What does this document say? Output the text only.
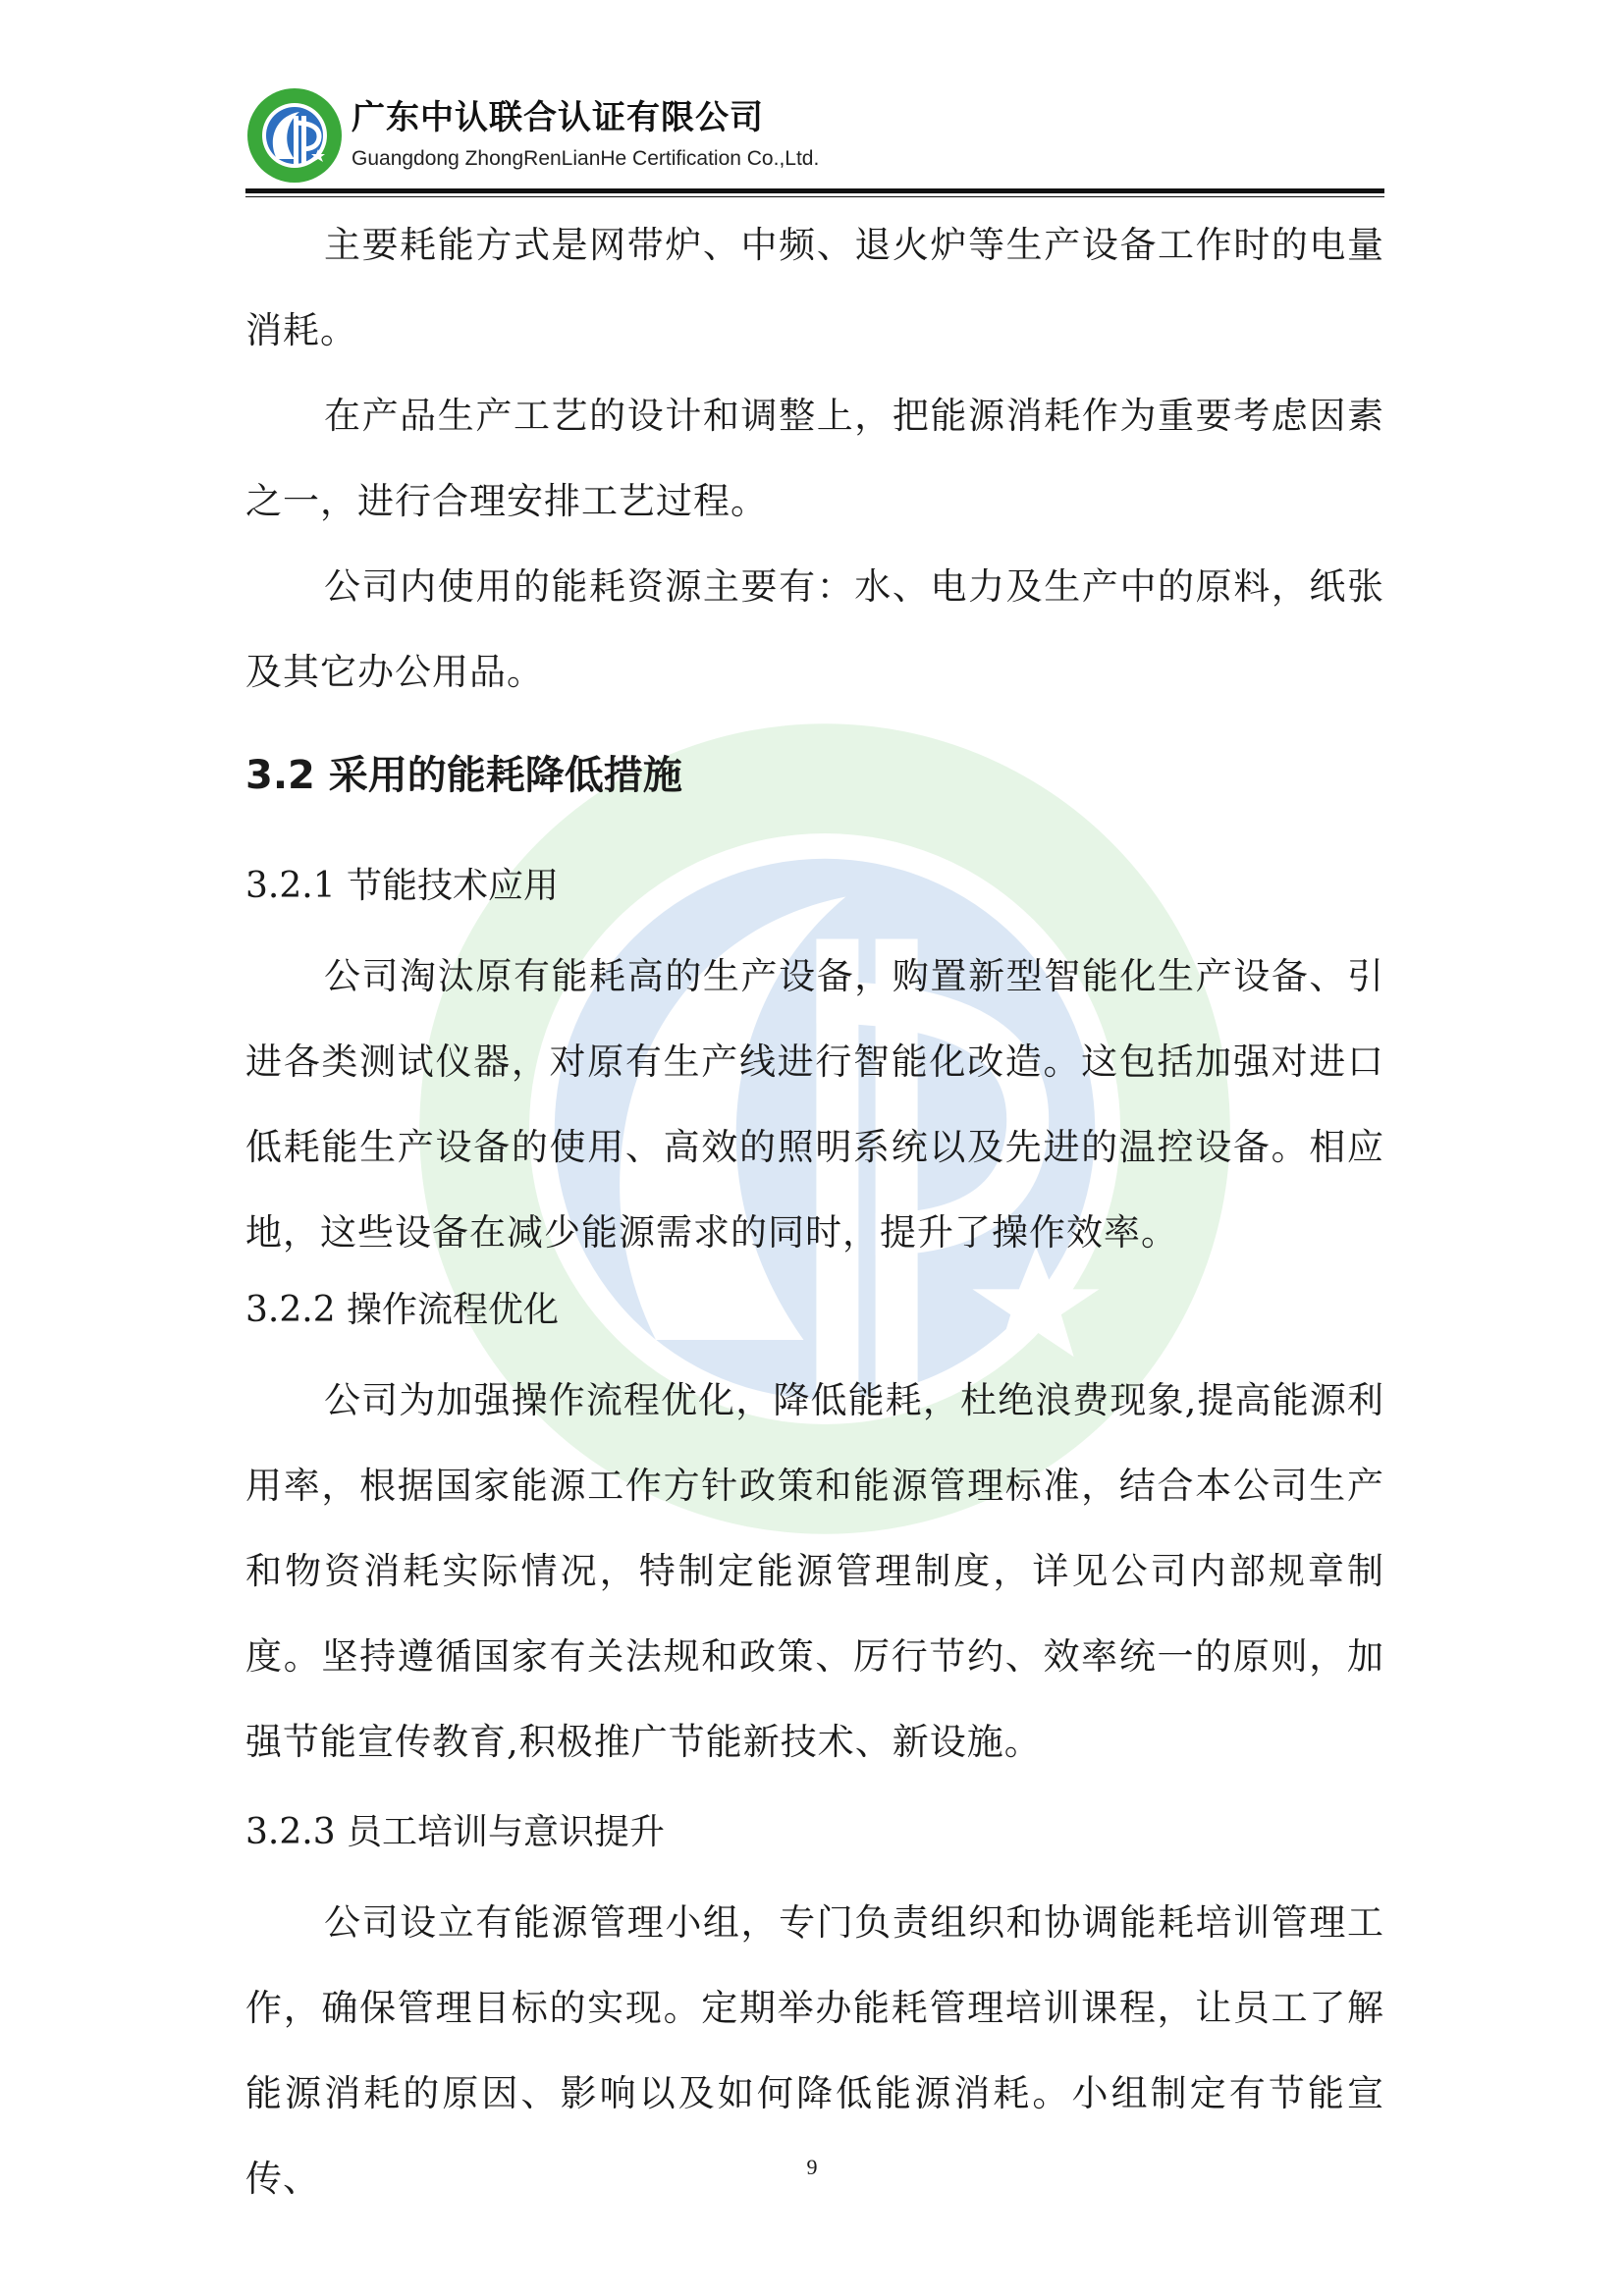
广东中认联合认证有限公司
Guangdong ZhongRenLianHe Certification Co.,Ltd.

主要耗能方式是网带炉、中频、退火炉等生产设备工作时的电量消耗。

在产品生产工艺的设计和调整上，把能源消耗作为重要考虑因素之一，进行合理安排工艺过程。

公司内使用的能耗资源主要有：水、电力及生产中的原料，纸张及其它办公用品。

3.2 采用的能耗降低措施
3.2.1 节能技术应用

公司淘汰原有能耗高的生产设备，购置新型智能化生产设备、引进各类测试仪器，对原有生产线进行智能化改造。这包括加强对进口低耗能生产设备的使用、高效的照明系统以及先进的温控设备。相应地，这些设备在减少能源需求的同时，提升了操作效率。

3.2.2 操作流程优化

公司为加强操作流程优化，降低能耗，杜绝浪费现象,提高能源利用率，根据国家能源工作方针政策和能源管理标准，结合本公司生产和物资消耗实际情况，特制定能源管理制度，详见公司内部规章制度。坚持遵循国家有关法规和政策、厉行节约、效率统一的原则，加强节能宣传教育,积极推广节能新技术、新设施。

3.2.3 员工培训与意识提升

公司设立有能源管理小组，专门负责组织和协调能耗培训管理工作，确保管理目标的实现。定期举办能耗管理培训课程，让员工了解能源消耗的原因、影响以及如何降低能源消耗。小组制定有节能宣传、	9
